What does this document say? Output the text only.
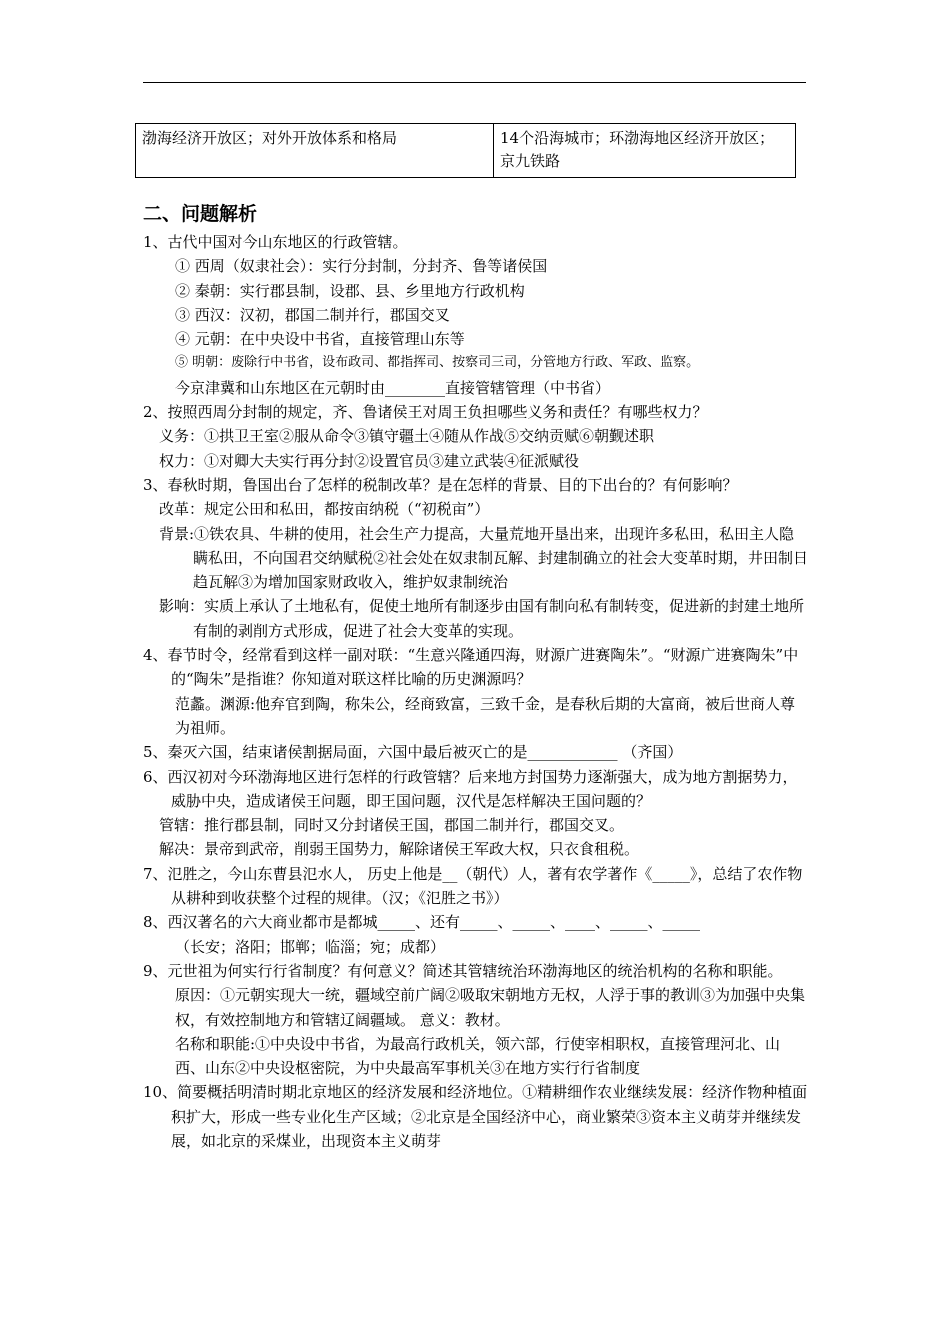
渤海经济开放区；对外开放体系和格局	14个沿海城市；环渤海地区经济开放区；京九铁路
二、问题解析
1、古代中国对今山东地区的行政管辖。
① 西周（奴隶社会）：实行分封制，分封齐、鲁等诸侯国
② 秦朝：实行郡县制，设郡、县、乡里地方行政机构
③ 西汉：汉初，郡国二制并行，郡国交叉
④ 元朝：在中央设中书省，直接管理山东等
⑤ 明朝：废除行中书省，设布政司、都指挥司、按察司三司，分管地方行政、军政、监察。
今京津冀和山东地区在元朝时由________直接管辖管理（中书省）
2、按照西周分封制的规定，齐、鲁诸侯王对周王负担哪些义务和责任？有哪些权力？
义务：①拱卫王室②服从命令③镇守疆土④随从作战⑤交纳贡赋⑥朝觐述职
权力：①对卿大夫实行再分封②设置官员③建立武装④征派赋役
3、春秋时期，鲁国出台了怎样的税制改革？是在怎样的背景、目的下出台的？有何影响？
改革：规定公田和私田，都按亩纳税（“初税亩”）
背景:①铁农具、牛耕的使用，社会生产力提高，大量荒地开垦出来，出现许多私田，私田主人隐瞒私田，不向国君交纳赋税②社会处在奴隶制瓦解、封建制确立的社会大变革时期，井田制日趋瓦解③为增加国家财政收入，维护奴隶制统治
影响：实质上承认了土地私有，促使土地所有制逐步由国有制向私有制转变，促进新的封建土地所有制的剥削方式形成，促进了社会大变革的实现。
4、春节时令，经常看到这样一副对联：“生意兴隆通四海，财源广进赛陶朱”。“财源广进赛陶朱”中的“陶朱”是指谁？你知道对联这样比喻的历史渊源吗？
范蠡。渊源:他弃官到陶，称朱公，经商致富，三致千金，是春秋后期的大富商，被后世商人尊为祖师。
5、秦灭六国，结束诸侯割据局面，六国中最后被灭亡的是____________ （齐国）
6、西汉初对今环渤海地区进行怎样的行政管辖？后来地方封国势力逐渐强大，成为地方割据势力，威胁中央，造成诸侯王问题，即王国问题，汉代是怎样解决王国问题的？
管辖：推行郡县制，同时又分封诸侯王国，郡国二制并行，郡国交叉。
解决：景帝到武帝，削弱王国势力，解除诸侯王军政大权，只衣食租税。
7、氾胜之，今山东曹县氾水人， 历史上他是__（朝代）人，著有农学著作《_____》，总结了农作物从耕种到收获整个过程的规律。（汉；《氾胜之书》）
8、西汉著名的六大商业都市是都城_____、还有_____、_____、____、_____、_____
（长安；洛阳；邯郸；临淄；宛；成都）
9、元世祖为何实行行省制度？有何意义？简述其管辖统治环渤海地区的统治机构的名称和职能。
原因：①元朝实现大一统，疆域空前广阔②吸取宋朝地方无权，人浮于事的教训③为加强中央集权，有效控制地方和管辖辽阔疆域。 意义：教材。
名称和职能:①中央设中书省，为最高行政机关，领六部，行使宰相职权，直接管理河北、山西、山东②中央设枢密院，为中央最高军事机关③在地方实行行省制度
10、简要概括明清时期北京地区的经济发展和经济地位。①精耕细作农业继续发展：经济作物种植面积扩大，形成一些专业化生产区域；②北京是全国经济中心，商业繁荣③资本主义萌芽并继续发展，如北京的采煤业，出现资本主义萌芽
